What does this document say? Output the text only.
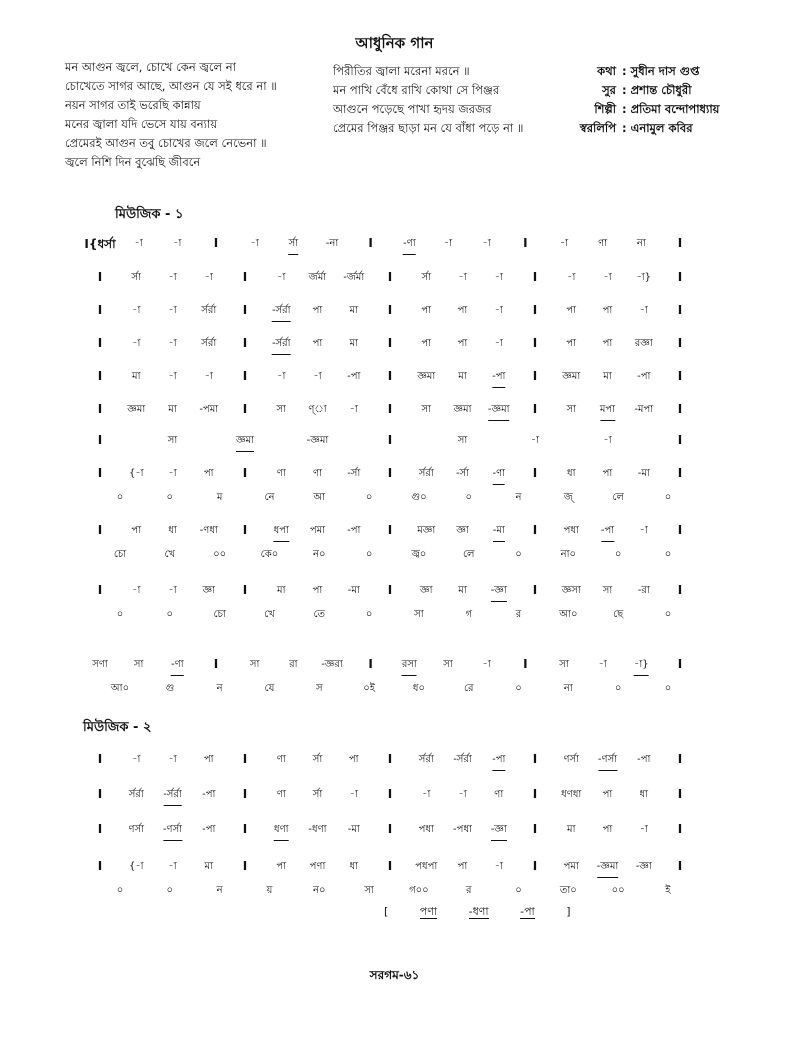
আধুনিক গান
মন আগুন জ্বলে, চোখে কেন জ্বলে না
চোখেতে সাগর আছে, আগুন যে সই ধরে না ॥
নয়ন সাগর তাই ভরেছি কান্নায়
মনের জ্বালা যদি ভেসে যায় বন্যায়
প্রেমেরই আগুন তবু চোখের জলে নেভেনা ॥
জ্বলে নিশি দিন বুঝেছি জীবনে
পিরীতির জ্বালা মরেনা মরনে ॥
মন পাখি বেঁধে রাখি কোথা সে পিঞ্জর
আগুনে পড়েছে পাখা হৃদয় জরজর
প্রেমের পিঞ্জর ছাড়া মন যে বাঁধা পড়ে না ॥
কথা : সুধীন দাস গুপ্ত
সুর : প্রশান্ত চৌধুরী
শিল্পী : প্রতিমা বন্দোপাধ্যায়
স্বরলিপি : এনামুল কবির
মিউজিক - ১
মিউজিক - ২
I{ধর্সা -া	-া	I	-া	র্সা	-না	I	-ণা	-া	-া	I	-া	ণা	না	I
I	র্সা	-া	-া I	-া র্জর্মা -র্জর্মা I	র্সা	-া	-া I	-া	-া -া} I
I	-া	-া র্সর্রা I -র্সর্রা পা	মা I	পা	পা	-া I	পা	পা	-া I
I	-া	-া র্সর্রা I -র্সর্রা পা	মা I	পা	পা	-া I	পা	পা রজ্ঞা I
I	মা	-া	-া I	-া	-া	-পা I	জ্ঞমা মা	-পা I	জ্ঞমা মা	-পা I
I	জ্ঞমা মা -পমা I	সা ণ্া -া I	সা জ্ঞমা -জ্ঞমা I	সা মপা -মপা I
I	সা	জ্ঞমা	-জ্ঞমা	I	সা	-া	-া	I
I	{-া -া	পা I	ণা	ণা	-র্সা I	র্সর্রা -র্সা -ণা I	ধা	পা	-মা I
০	০	ম	নে	আ	০	গু০	০	ন	জ্	লে	০
I	পা	ধা -ণধা I	ধপা পমা -পা I	মজ্ঞা জ্ঞা -মা I	পধা -পা	-া I
চো	খে	০০	কে০	ন০	০	জ্ব০	লে	০	না০	০	০
I	-া	-া	জ্ঞা I	মা	পা	-মা I	জ্ঞা	মা -জ্ঞা I জ্ঞসা সা	-রা I
০	০	চো	খে	তে	০	সা	গ	র	আ০	ছে	০
সণা	সা	-ণা	I	সা	রা -জ্ঞরা I	রসা	সা	-া	I	সা	-া	-া} I
আ০	গু	ন	যে	স	০ই	ধ০	রে	০	না	০	০
I	-া	-া	পা I	ণা	র্সা	পা I	র্সর্রা -র্সর্রা -পা I	ণর্সা -ণর্সা -পা I
I	র্সর্রা -র্সর্রা -পা I	ণা	র্সা	-া I	-া	-া	ণা I ধণধা পা	ধা I
I	ণর্সা -ণর্সা -পা I	ধণা -ধণা -মা I	পধা -পধা -জ্ঞা I	মা	পা	-া I
I	{-া -া	মা I	পা পণা ধা I পধপা পা	-া I	পমা -জ্ঞমা -জ্ঞা I
০	০	ন	য়	ন০	সা	গ০০	র	০	তা০	০০	ই
[	পণা	-ধণা	-পা	]
সরগম-৬১
